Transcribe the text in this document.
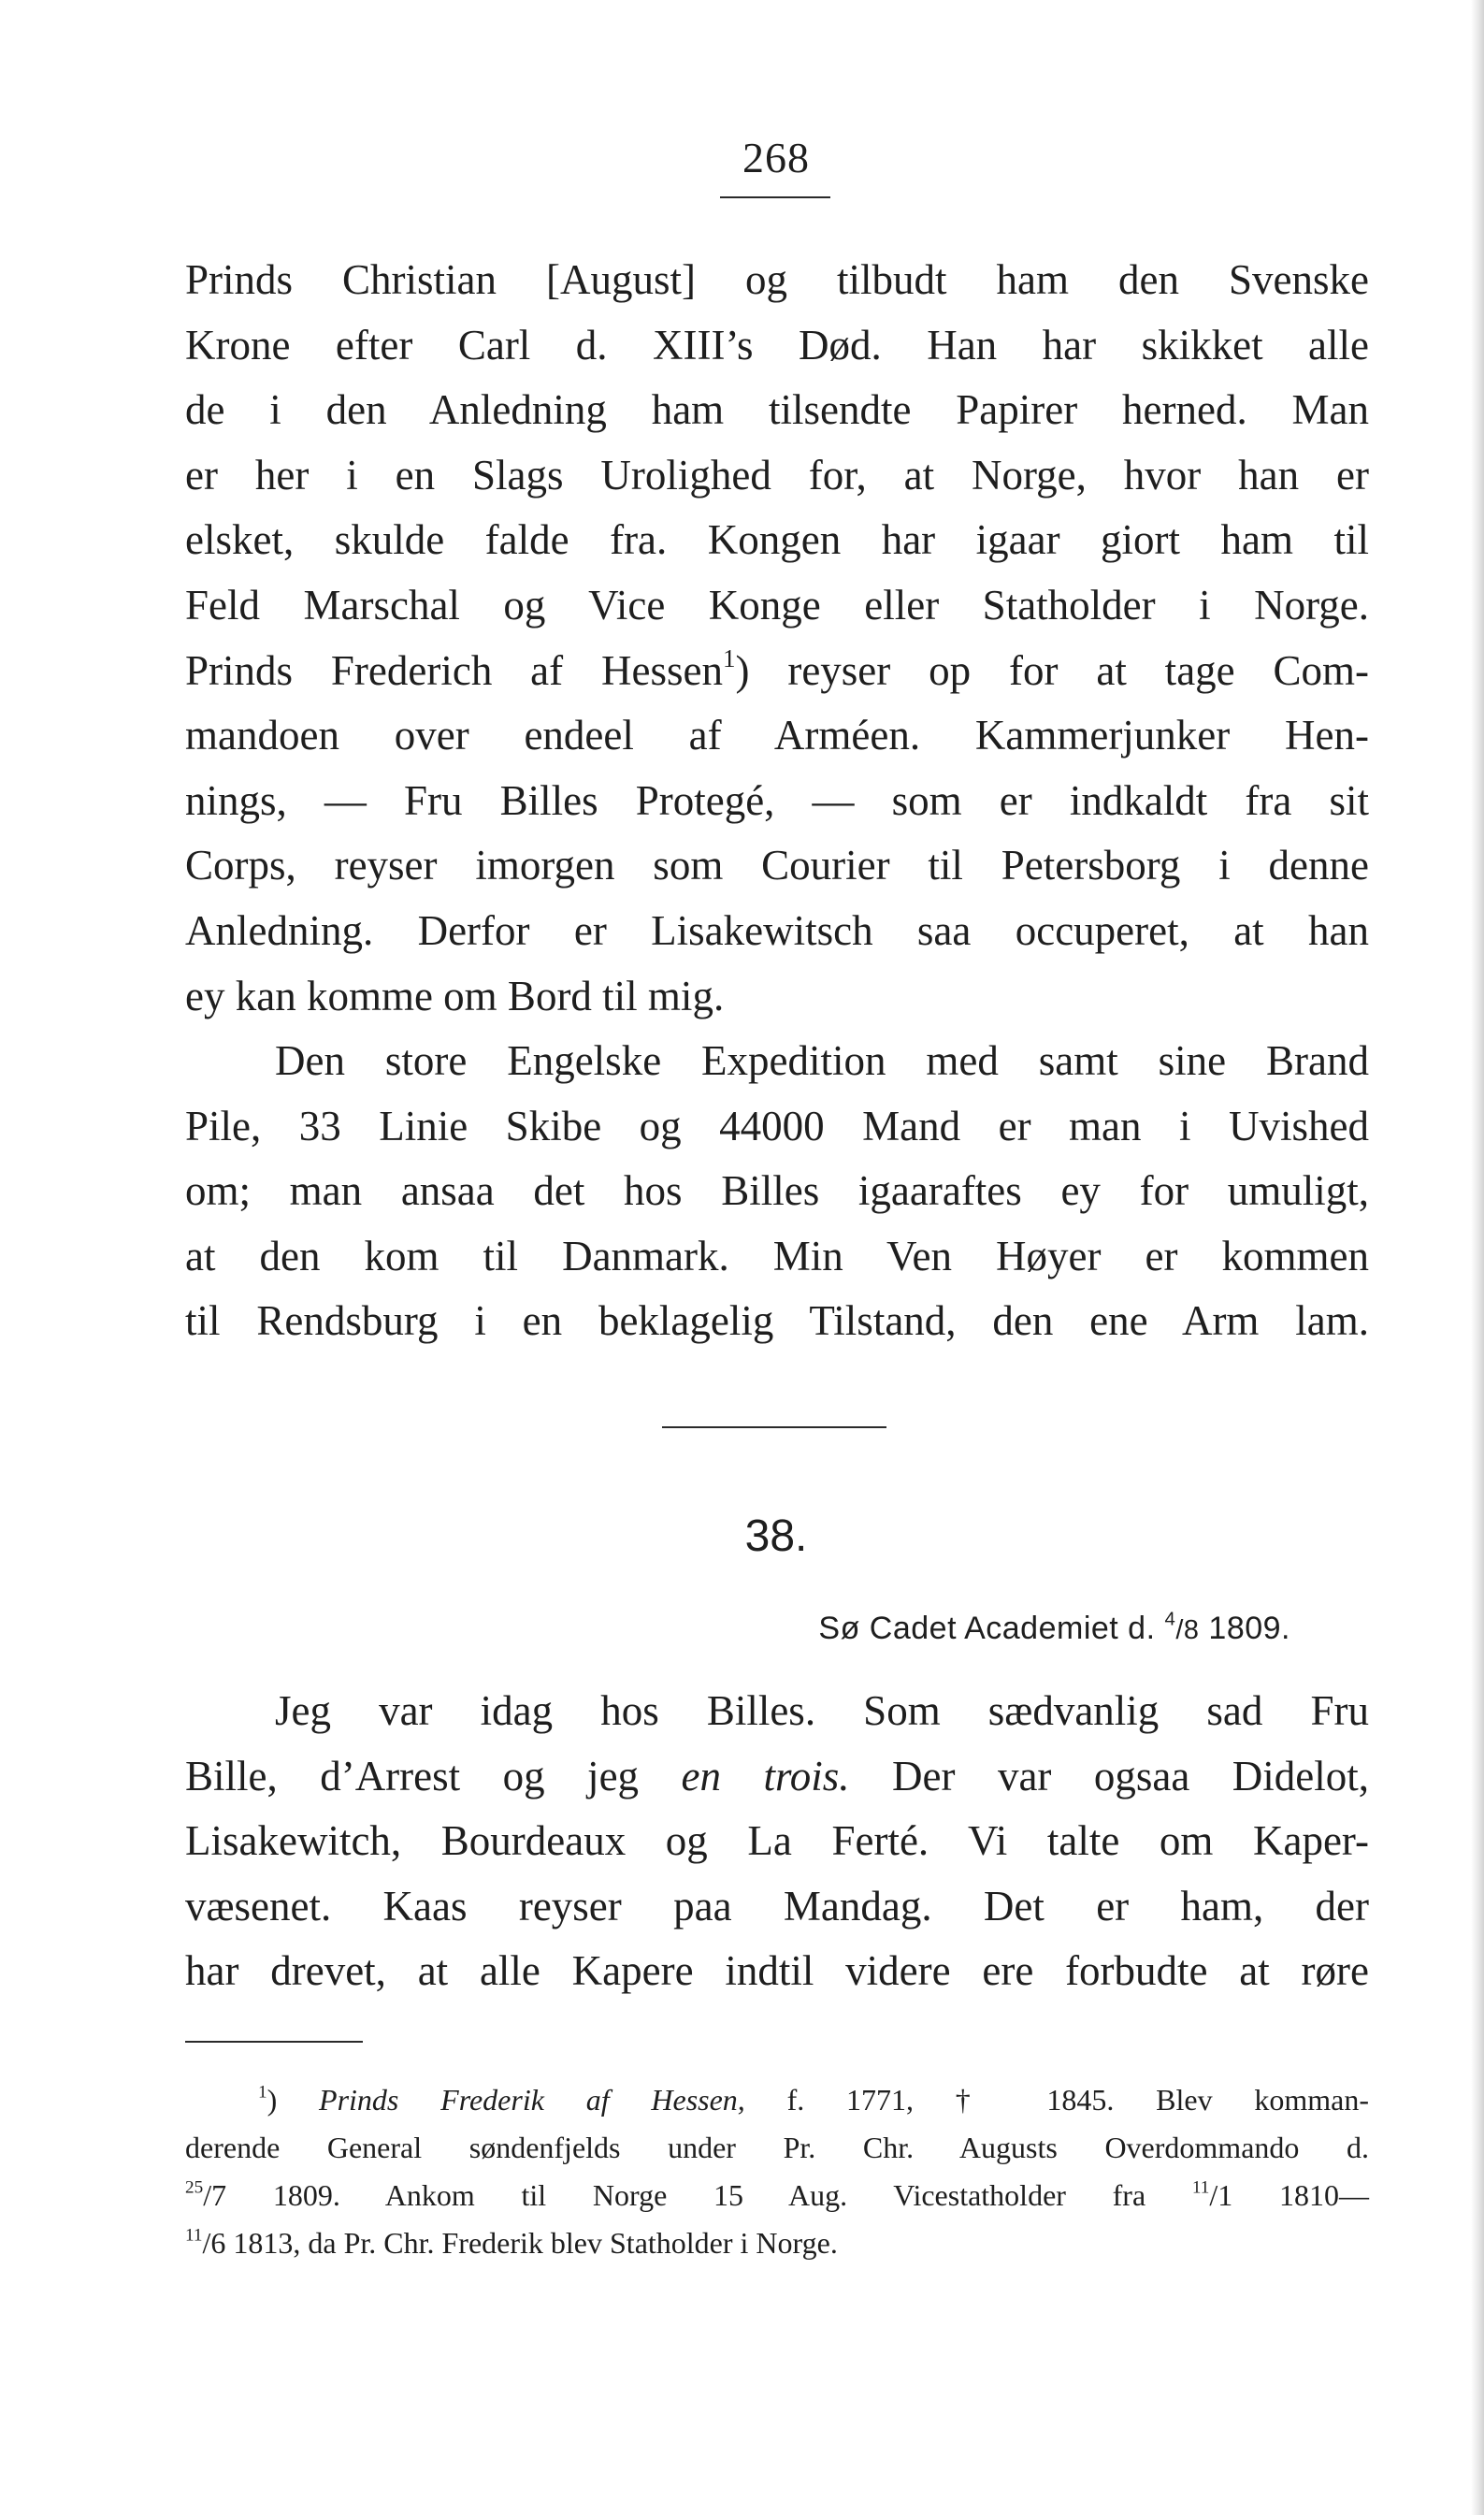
268
Prinds Christian [August] og tilbudt ham den Svenske
Krone efter Carl d. XIII’s Død. Han har skikket alle
de i den Anledning ham tilsendte Papirer herned. Man
er her i en Slags Urolighed for, at Norge, hvor han er
elsket, skulde falde fra. Kongen har igaar giort ham til
Feld Marschal og Vice Konge eller Statholder i Norge.
Prinds Frederich af Hessen$^1$) reyser op for at tage Com-
mandoen over endeel af Arméen. Kammerjunker Hen-
nings, — Fru Billes Protegé, — som er indkaldt fra sit
Corps, reyser imorgen som Courier til Petersborg i denne
Anledning. Derfor er Lisakewitsch saa occuperet, at han
ey kan komme om Bord til mig.
Den store Engelske Expedition med samt sine Brand
Pile, 33 Linie Skibe og 44000 Mand er man i Uvished
om; man ansaa det hos Billes igaaraftes ey for umuligt,
at den kom til Danmark. Min Ven Høyer er kommen
til Rendsburg i en beklagelig Tilstand, den ene Arm lam.
38.
Sø Cadet Academiet d. $^4$/8 1809.
Jeg var idag hos Billes. Som sædvanlig sad Fru
Bille, d’Arrest og jeg en trois. Der var ogsaa Didelot,
Lisakewitch, Bourdeaux og La Ferté. Vi talte om Kaper-
væsenet. Kaas reyser paa Mandag. Det er ham, der
har drevet, at alle Kapere indtil videre ere forbudte at røre
$^1$) Prinds Frederik af Hessen, f. 1771, † 1845. Blev komman-
derende General søndenfjelds under Pr. Chr. Augusts Overdommando d.
$^{25}$/7 1809. Ankom til Norge 15 Aug. Vicestatholder fra	$^{11}$/1 1810—
$^{11}$/6 1813, da Pr. Chr. Frederik blev Statholder i Norge.
